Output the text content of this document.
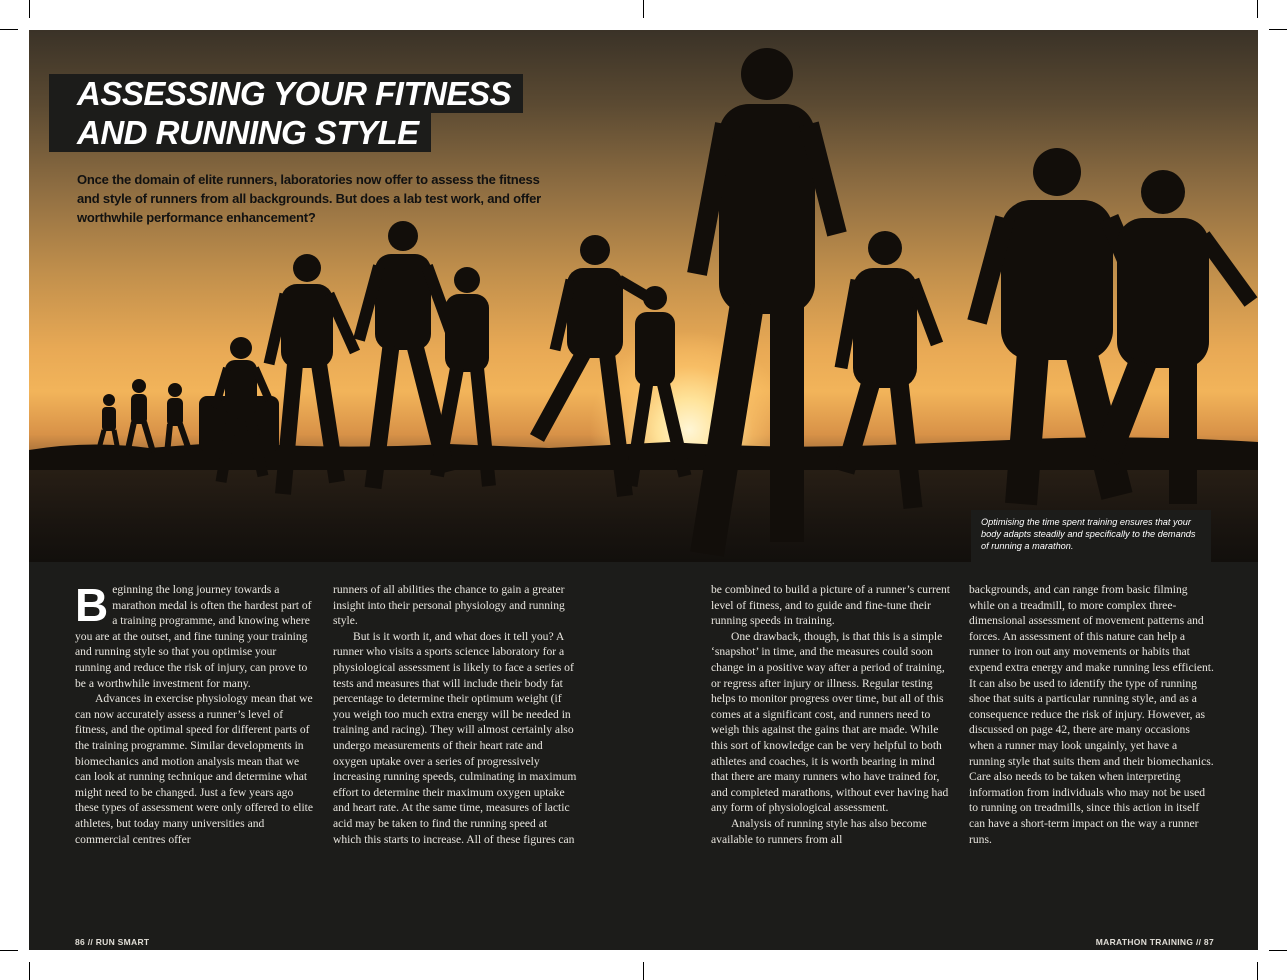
ASSESSING YOUR FITNESS
AND RUNNING STYLE
Once the domain of elite runners, laboratories now offer to assess the fitness and style of runners from all backgrounds. But does a lab test work, and offer worthwhile performance enhancement?
Optimising the time spent training ensures that your body adapts steadily and specifically to the demands of running a marathon.
B eginning the long journey towards a marathon medal is often the hardest part of a training programme, and knowing where you are at the outset, and fine tuning your training and running style so that you optimise your running and reduce the risk of injury, can prove to be a worthwhile investment for many.

Advances in exercise physiology mean that we can now accurately assess a runner’s level of fitness, and the optimal speed for different parts of the training programme. Similar developments in biomechanics and motion analysis mean that we can look at running technique and determine what might need to be changed. Just a few years ago these types of assessment were only offered to elite athletes, but today many universities and commercial centres offer

runners of all abilities the chance to gain a greater insight into their personal physiology and running style.

But is it worth it, and what does it tell you? A runner who visits a sports science laboratory for a physiological assessment is likely to face a series of tests and measures that will include their body fat percentage to determine their optimum weight (if you weigh too much extra energy will be needed in training and racing). They will almost certainly also undergo measurements of their heart rate and oxygen uptake over a series of progressively increasing running speeds, culminating in maximum effort to determine their maximum oxygen uptake and heart rate. At the same time, measures of lactic acid may be taken to find the running speed at which this starts to increase. All of these figures can

be combined to build a picture of a runner’s current level of fitness, and to guide and fine-tune their running speeds in training.

One drawback, though, is that this is a simple ‘snapshot’ in time, and the measures could soon change in a positive way after a period of training, or regress after injury or illness. Regular testing helps to monitor progress over time, but all of this comes at a significant cost, and runners need to weigh this against the gains that are made. While this sort of knowledge can be very helpful to both athletes and coaches, it is worth bearing in mind that there are many runners who have trained for, and completed marathons, without ever having had any form of physiological assessment.

Analysis of running style has also become available to runners from all

backgrounds, and can range from basic filming while on a treadmill, to more complex three-dimensional assessment of movement patterns and forces. An assessment of this nature can help a runner to iron out any movements or habits that expend extra energy and make running less efficient. It can also be used to identify the type of running shoe that suits a particular running style, and as a consequence reduce the risk of injury. However, as discussed on page 42, there are many occasions when a runner may look ungainly, yet have a running style that suits them and their biomechanics. Care also needs to be taken when interpreting information from individuals who may not be used to running on treadmills, since this action in itself can have a short-term impact on the way a runner runs.

86 // RUN SMART	MARATHON TRAINING // 87
